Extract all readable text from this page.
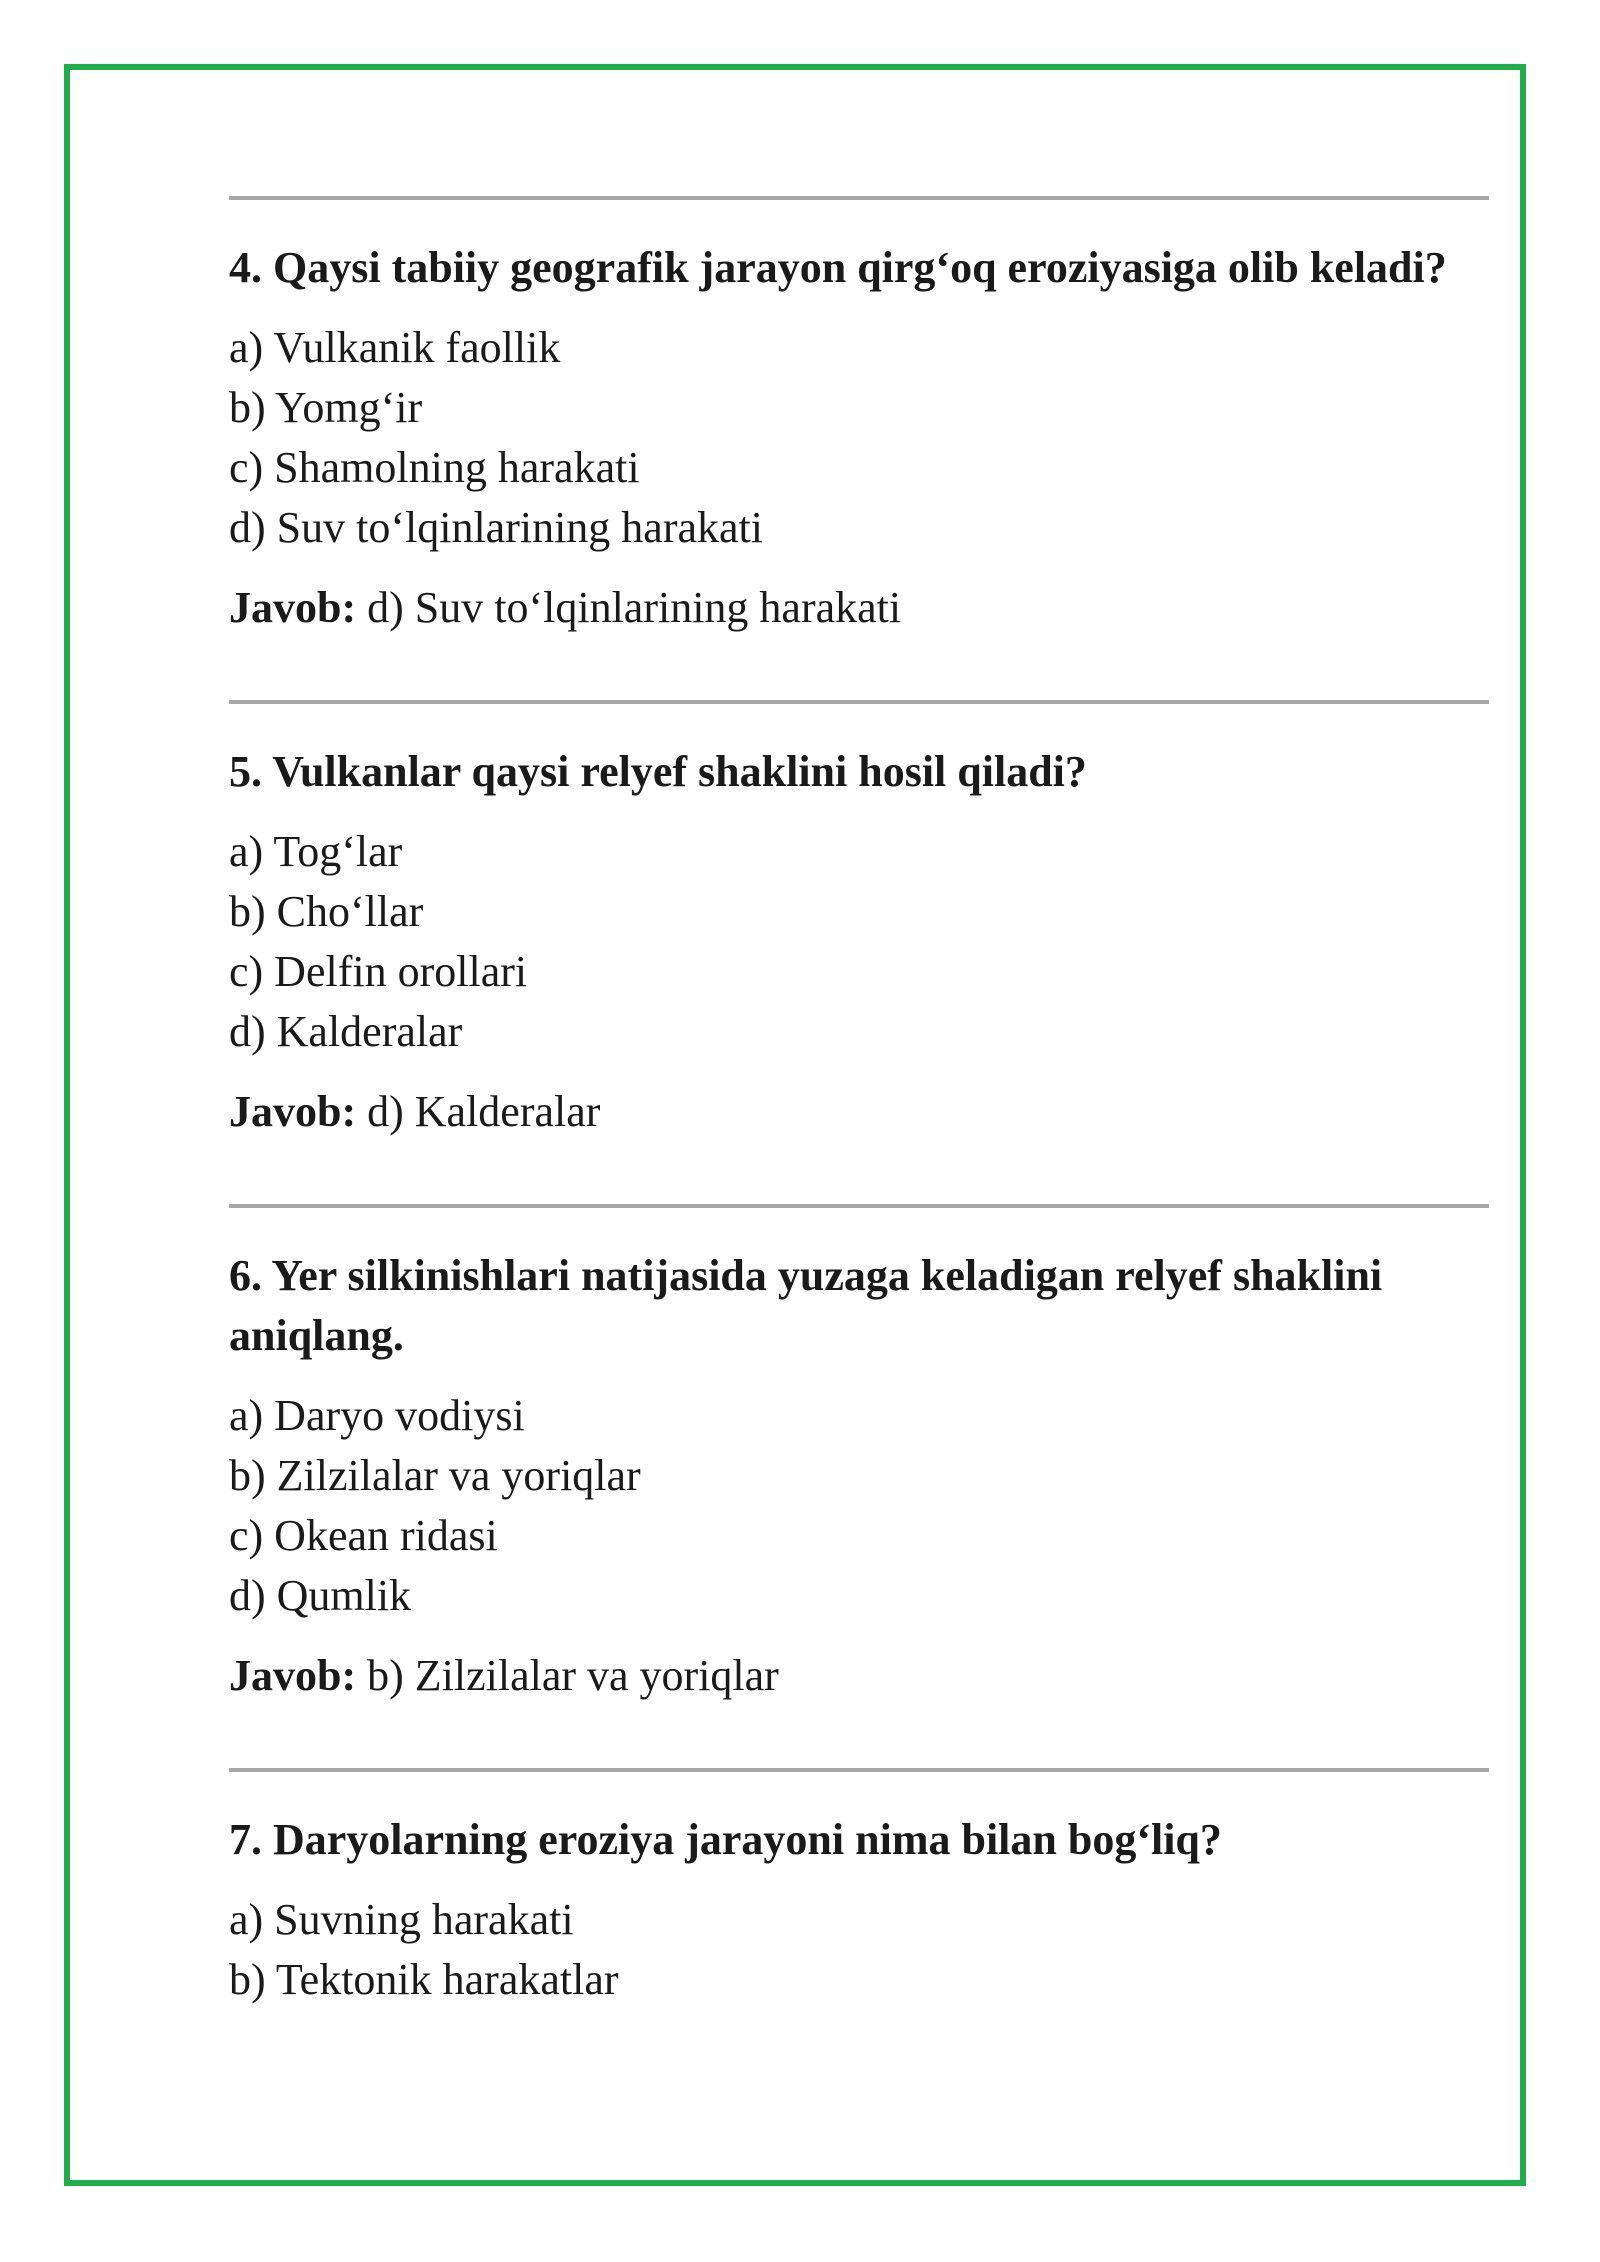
4. Qaysi tabiiy geografik jarayon qirg‘oq eroziyasiga olib keladi?

a) Vulkanik faollik
b) Yomg‘ir
c) Shamolning harakati
d) Suv to‘lqinlarining harakati
Javob: d) Suv to‘lqinlarining harakati

5. Vulkanlar qaysi relyef shaklini hosil qiladi?

a) Tog‘lar
b) Cho‘llar
c) Delfin orollari
d) Kalderalar
Javob: d) Kalderalar

6. Yer silkinishlari natijasida yuzaga keladigan relyef shaklini aniqlang.

a) Daryo vodiysi
b) Zilzilalar va yoriqlar
c) Okean ridasi
d) Qumlik
Javob: b) Zilzilalar va yoriqlar

7. Daryolarning eroziya jarayoni nima bilan bog‘liq?

a) Suvning harakati
b) Tektonik harakatlar
